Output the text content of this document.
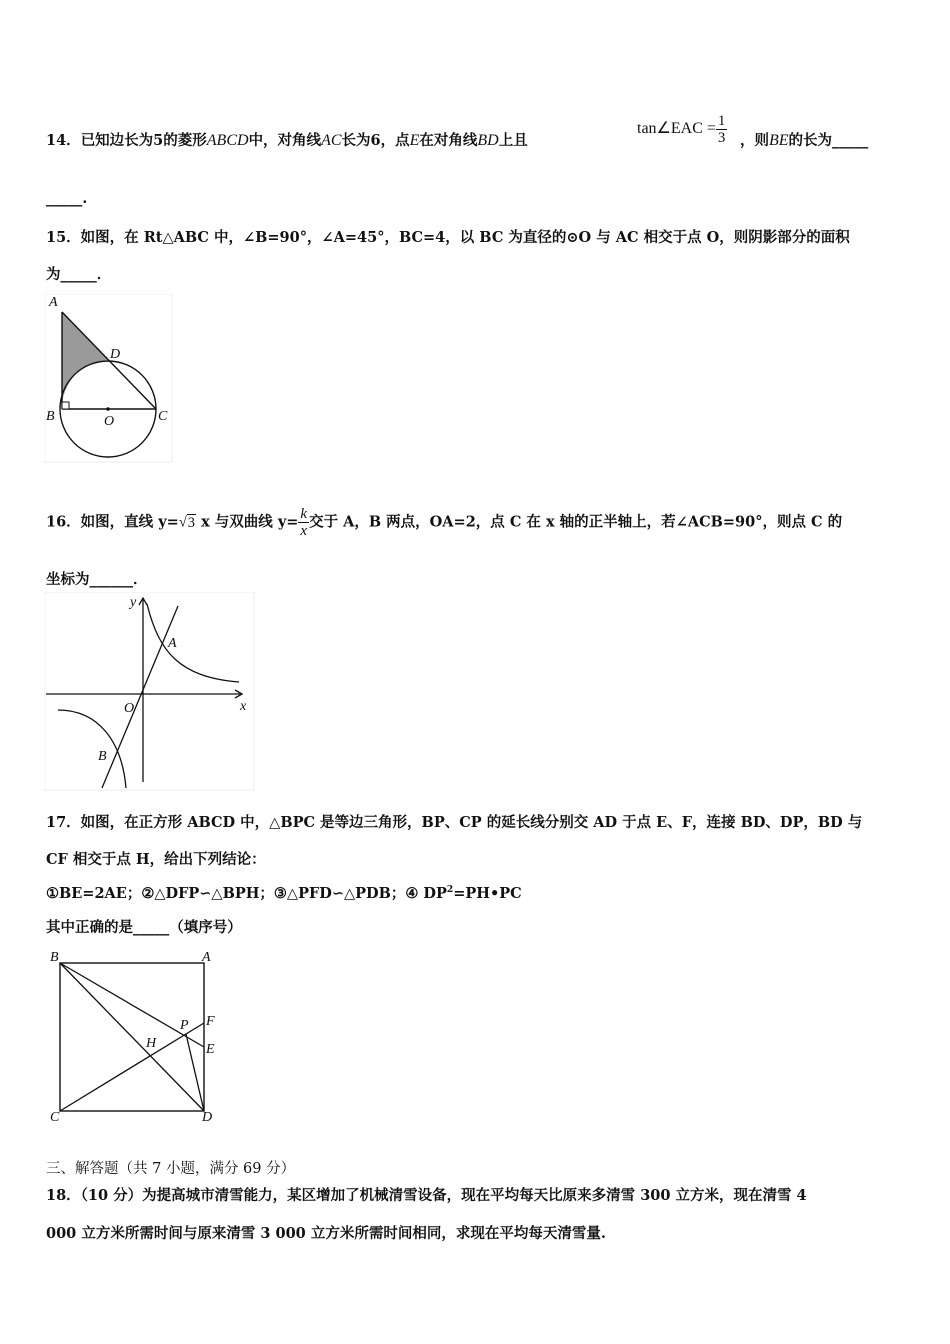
tan∠EAC = $\frac{1}{3}$
14．已知边长为5的菱形ABCD中，对角线AC长为6，点E在对角线BD上且	，则BE的长为_____
_____.
15．如图，在 Rt△ABC 中，∠B=90°，∠A=45°，BC=4，以 BC 为直径的⊙O 与 AC 相交于点 O，则阴影部分的面积
为_____．
A
D
B	O	C
16．如图，直线 y=√3 x 与双曲线 $y= \frac{k}{x}$ 交于 A，B 两点，OA=2，点 C 在 x 轴的正半轴上，若∠ACB=90°，则点 C 的
坐标为______．
y
x
A
O
B
17．如图，在正方形 ABCD 中，△BPC 是等边三角形，BP、CP 的延长线分别交 AD 于点 E、F，连接 BD、DP，BD 与
CF 相交于点 H，给出下列结论：
①BE=2AE；②△DFP∽△BPH；③△PFD∽△PDB；④ $DP^2=PH•PC$
其中正确的是_____（填序号）
B	A
P F
H	E
C	D
三、解答题（共 7 小题，满分 69 分）
18．（10 分）为提高城市清雪能力，某区增加了机械清雪设备，现在平均每天比原来多清雪 300 立方米，现在清雪 4
000 立方米所需时间与原来清雪 3 000 立方米所需时间相同，求现在平均每天清雪量.
